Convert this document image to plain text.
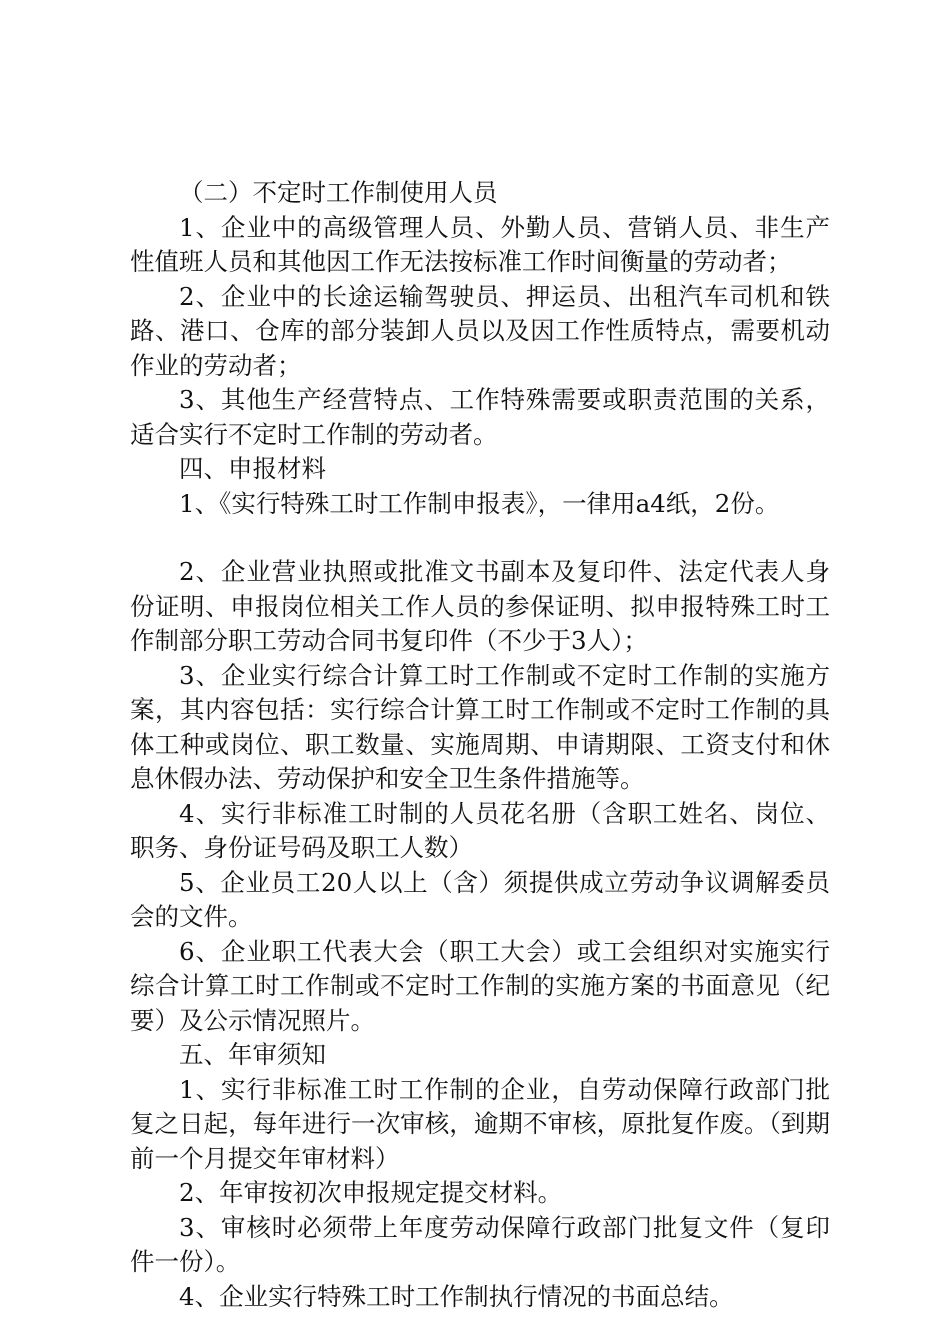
（二）不定时工作制使用人员

1、企业中的高级管理人员、外勤人员、营销人员、非生产性值班人员和其他因工作无法按标准工作时间衡量的劳动者；

2、企业中的长途运输驾驶员、押运员、出租汽车司机和铁路、港口、仓库的部分装卸人员以及因工作性质特点，需要机动作业的劳动者；

3、其他生产经营特点、工作特殊需要或职责范围的关系，适合实行不定时工作制的劳动者。

四、申报材料

1、《实行特殊工时工作制申报表》，一律用a4纸，2份。

2、企业营业执照或批准文书副本及复印件、法定代表人身份证明、申报岗位相关工作人员的参保证明、拟申报特殊工时工作制部分职工劳动合同书复印件（不少于3人）；

3、企业实行综合计算工时工作制或不定时工作制的实施方案，其内容包括：实行综合计算工时工作制或不定时工作制的具体工种或岗位、职工数量、实施周期、申请期限、工资支付和休息休假办法、劳动保护和安全卫生条件措施等。

4、实行非标准工时制的人员花名册（含职工姓名、岗位、职务、身份证号码及职工人数）

5、企业员工20人以上（含）须提供成立劳动争议调解委员会的文件。

6、企业职工代表大会（职工大会）或工会组织对实施实行综合计算工时工作制或不定时工作制的实施方案的书面意见（纪要）及公示情况照片。

五、年审须知

1、实行非标准工时工作制的企业，自劳动保障行政部门批复之日起，每年进行一次审核，逾期不审核，原批复作废。（到期前一个月提交年审材料）

2、年审按初次申报规定提交材料。

3、审核时必须带上年度劳动保障行政部门批复文件（复印件一份）。

4、企业实行特殊工时工作制执行情况的书面总结。
